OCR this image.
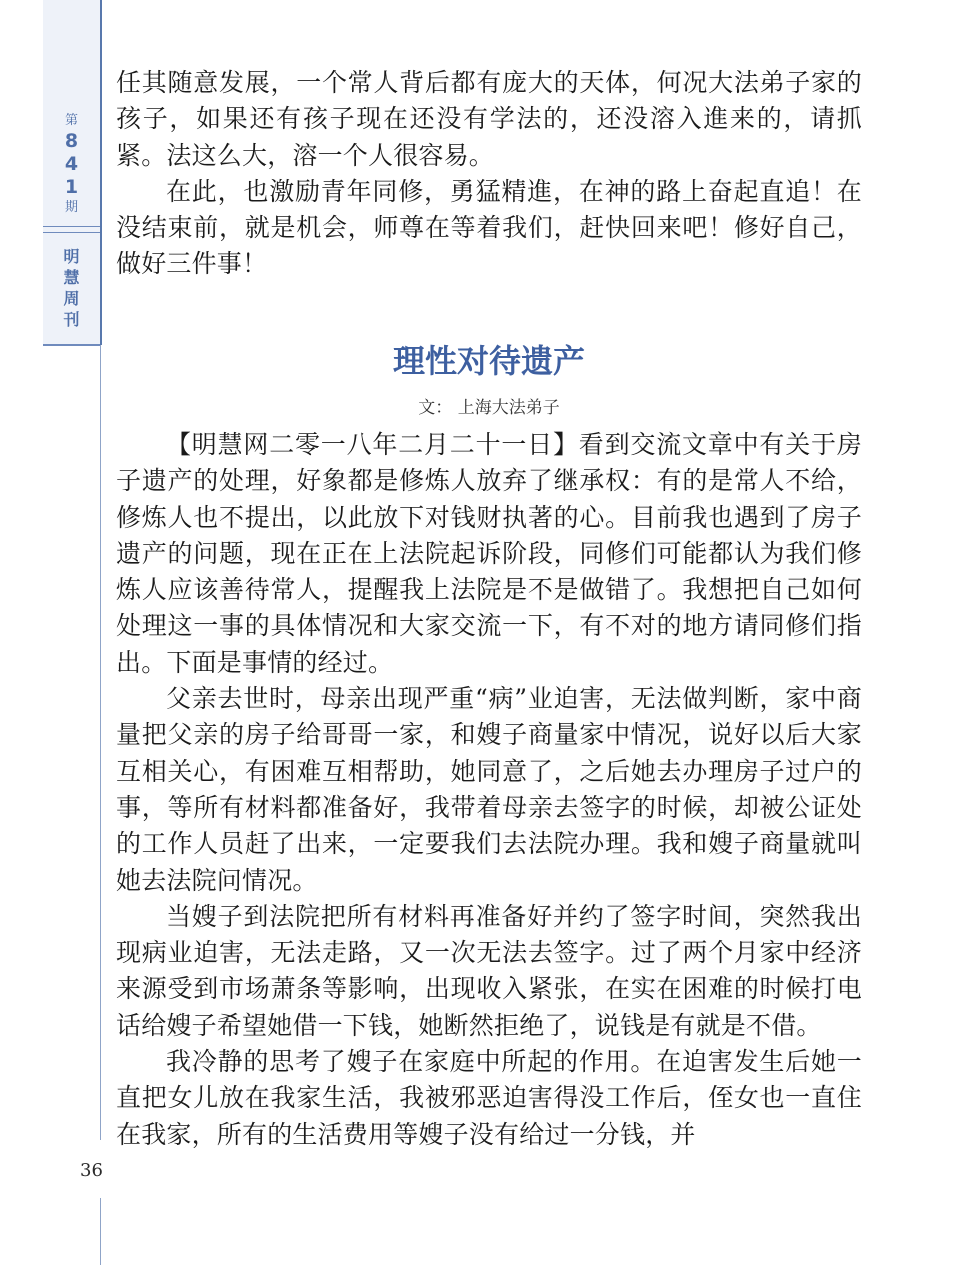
第
8
4
1
期
明
慧
周
刊
36

任其随意发展，一个常人背后都有庞大的天体，何况大法弟子家的孩子，如果还有孩子现在还没有学法的，还没溶入進来的，请抓紧。法这么大，溶一个人很容易。

在此，也激励青年同修，勇猛精進，在神的路上奋起直追！在没结束前，就是机会，师尊在等着我们，赶快回来吧！修好自己，做好三件事！

理性对待遗产
文： 上海大法弟子

【明慧网二零一八年二月二十一日】看到交流文章中有关于房子遗产的处理，好象都是修炼人放弃了继承权：有的是常人不给，修炼人也不提出，以此放下对钱财执著的心。目前我也遇到了房子遗产的问题，现在正在上法院起诉阶段，同修们可能都认为我们修炼人应该善待常人，提醒我上法院是不是做错了。我想把自己如何处理这一事的具体情况和大家交流一下，有不对的地方请同修们指出。下面是事情的经过。

父亲去世时，母亲出现严重“病”业迫害，无法做判断，家中商量把父亲的房子给哥哥一家，和嫂子商量家中情况，说好以后大家互相关心，有困难互相帮助，她同意了，之后她去办理房子过户的事，等所有材料都准备好，我带着母亲去签字的时候，却被公证处的工作人员赶了出来，一定要我们去法院办理。我和嫂子商量就叫她去法院问情况。

当嫂子到法院把所有材料再准备好并约了签字时间，突然我出现病业迫害，无法走路，又一次无法去签字。过了两个月家中经济来源受到市场萧条等影响，出现收入紧张，在实在困难的时候打电话给嫂子希望她借一下钱，她断然拒绝了，说钱是有就是不借。

我冷静的思考了嫂子在家庭中所起的作用。在迫害发生后她一直把女儿放在我家生活，我被邪恶迫害得没工作后，侄女也一直住在我家，所有的生活费用等嫂子没有给过一分钱，并
